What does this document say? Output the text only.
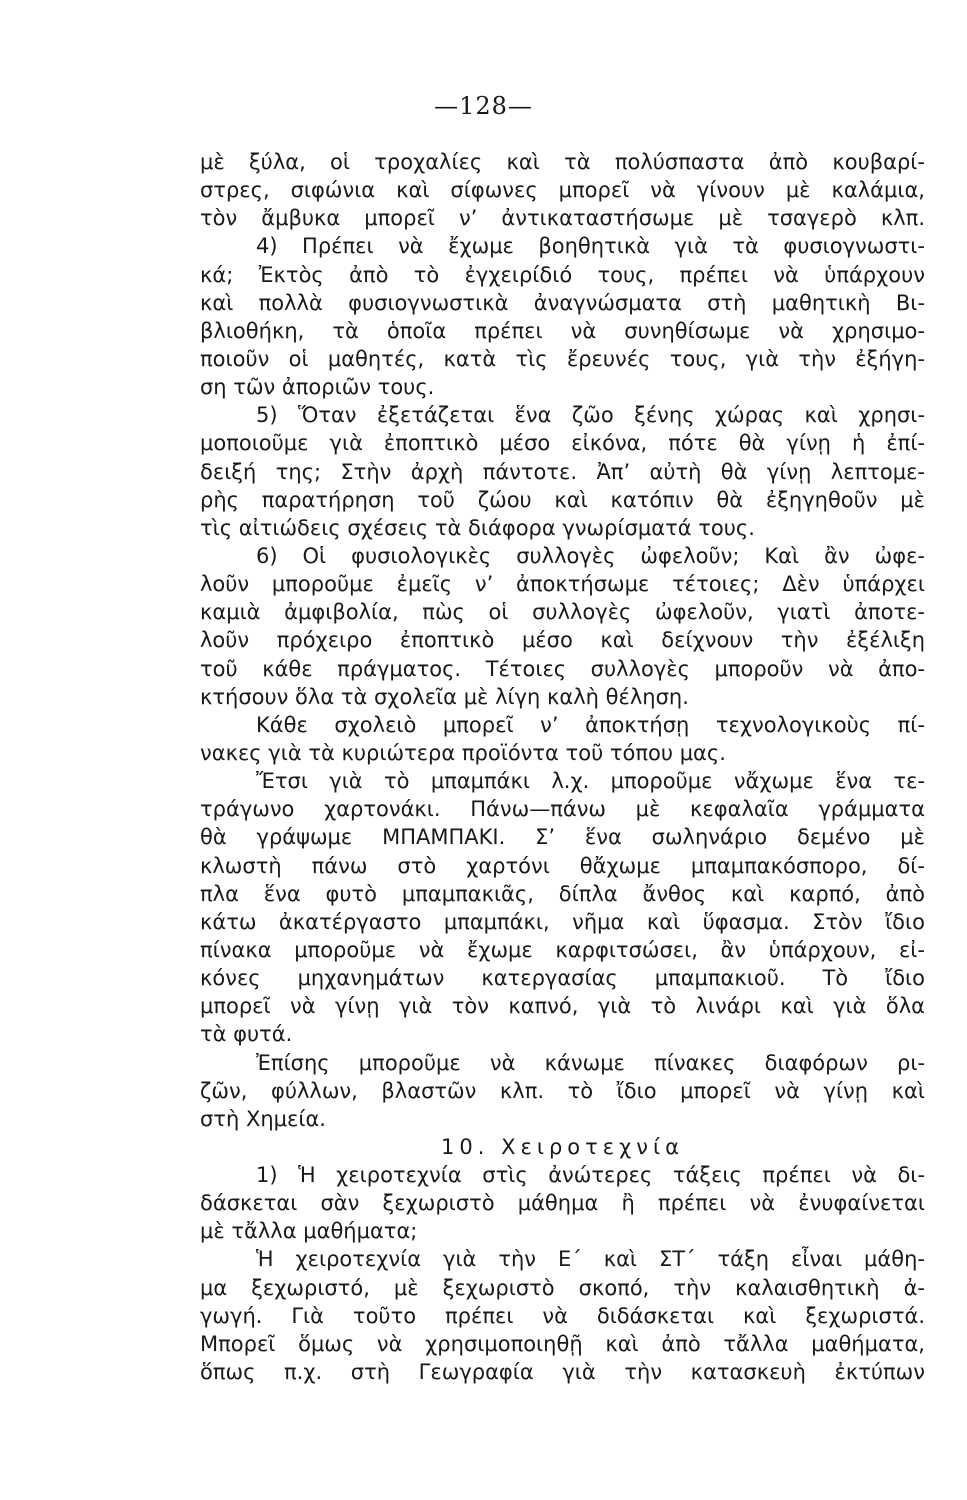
—128—
μὲ ξύλα, οἱ τροχαλίες καὶ τὰ πολύσπαστα ἀπὸ κουβαρί-
στρες, σιφώνια καὶ σίφωνες μπορεῖ νὰ γίνουν μὲ καλάμια,
τὸν ἄμβυκα μπορεῖ ν’ ἀντικαταστήσωμε μὲ τσαγερὸ κλπ.
4) Πρέπει νὰ ἔχωμε βοηθητικὰ γιὰ τὰ φυσιογνωστι-
κά; Ἐκτὸς ἀπὸ τὸ ἐγχειρίδιό τους, πρέπει νὰ ὑπάρχουν
καὶ πολλὰ φυσιογνωστικὰ ἀναγνώσματα στὴ μαθητικὴ Βι-
βλιοθήκη, τὰ ὁποῖα πρέπει νὰ συνηθίσωμε νὰ χρησιμο-
ποιοῦν οἱ μαθητές, κατὰ τὶς ἔρευνές τους, γιὰ τὴν ἐξήγη-
ση τῶν ἀποριῶν τους.
5) Ὅταν ἐξετάζεται ἕνα ζῶο ξένης χώρας καὶ χρησι-
μοποιοῦμε γιὰ ἐποπτικὸ μέσο εἰκόνα, πότε θὰ γίνῃ ἡ ἐπί-
δειξή της; Στὴν ἀρχὴ πάντοτε. Ἀπ’ αὐτὴ θὰ γίνῃ λεπτομε-
ρὴς παρατήρηση τοῦ ζώου καὶ κατόπιν θὰ ἐξηγηθοῦν μὲ
τὶς αἰτιώδεις σχέσεις τὰ διάφορα γνωρίσματά τους.
6) Οἱ φυσιολογικὲς συλλογὲς ὠφελοῦν; Καὶ ἂν ὠφε-
λοῦν μποροῦμε ἐμεῖς ν’ ἀποκτήσωμε τέτοιες; Δὲν ὑπάρχει
καμιὰ ἀμφιβολία, πὼς οἱ συλλογὲς ὠφελοῦν, γιατὶ ἀποτε-
λοῦν πρόχειρο ἐποπτικὸ μέσο καὶ δείχνουν τὴν ἐξέλιξη
τοῦ κάθε πράγματος. Τέτοιες συλλογὲς μποροῦν νὰ ἀπο-
κτήσουν ὅλα τὰ σχολεῖα μὲ λίγη καλὴ θέληση.
Κάθε σχολειὸ μπορεῖ ν’ ἀποκτήσῃ τεχνολογικοὺς πί-
νακες γιὰ τὰ κυριώτερα προϊόντα τοῦ τόπου μας.
Ἔτσι γιὰ τὸ μπαμπάκι λ.χ. μποροῦμε νἄχωμε ἕνα τε-
τράγωνο χαρτονάκι. Πάνω—πάνω μὲ κεφαλαῖα γράμματα
θὰ γράψωμε ΜΠΑΜΠΑΚΙ. Σ’ ἕνα σωληνάριο δεμένο μὲ
κλωστὴ πάνω στὸ χαρτόνι θἄχωμε μπαμπακόσπορο, δί-
πλα ἕνα φυτὸ μπαμπακιᾶς, δίπλα ἄνθος καὶ καρπό, ἀπὸ
κάτω ἀκατέργαστο μπαμπάκι, νῆμα καὶ ὕφασμα. Στὸν ἴδιο
πίνακα μποροῦμε νὰ ἔχωμε καρφιτσώσει, ἂν ὑπάρχουν, εἰ-
κόνες μηχανημάτων κατεργασίας μπαμπακιοῦ. Τὸ ἴδιο
μπορεῖ νὰ γίνῃ γιὰ τὸν καπνό, γιὰ τὸ λινάρι καὶ γιὰ ὅλα
τὰ φυτά.
Ἐπίσης μποροῦμε νὰ κάνωμε πίνακες διαφόρων ρι-
ζῶν, φύλλων, βλαστῶν κλπ. τὸ ἴδιο μπορεῖ νὰ γίνῃ καὶ
στὴ Χημεία.
10. Χειροτεχνία
1) Ἡ χειροτεχνία στὶς ἀνώτερες τάξεις πρέπει νὰ δι-
δάσκεται σὰν ξεχωριστὸ μάθημα ἢ πρέπει νὰ ἐνυφαίνεται
μὲ τἄλλα μαθήματα;
Ἡ χειροτεχνία γιὰ τὴν Ε΄ καὶ ΣΤ΄ τάξη εἶναι μάθη-
μα ξεχωριστό, μὲ ξεχωριστὸ σκοπό, τὴν καλαισθητικὴ ἀ-
γωγή. Γιὰ τοῦτο πρέπει νὰ διδάσκεται καὶ ξεχωριστά.
Μπορεῖ ὅμως νὰ χρησιμοποιηθῇ καὶ ἀπὸ τἄλλα μαθήματα,
ὅπως π.χ. στὴ Γεωγραφία γιὰ τὴν κατασκευὴ ἐκτύπων
